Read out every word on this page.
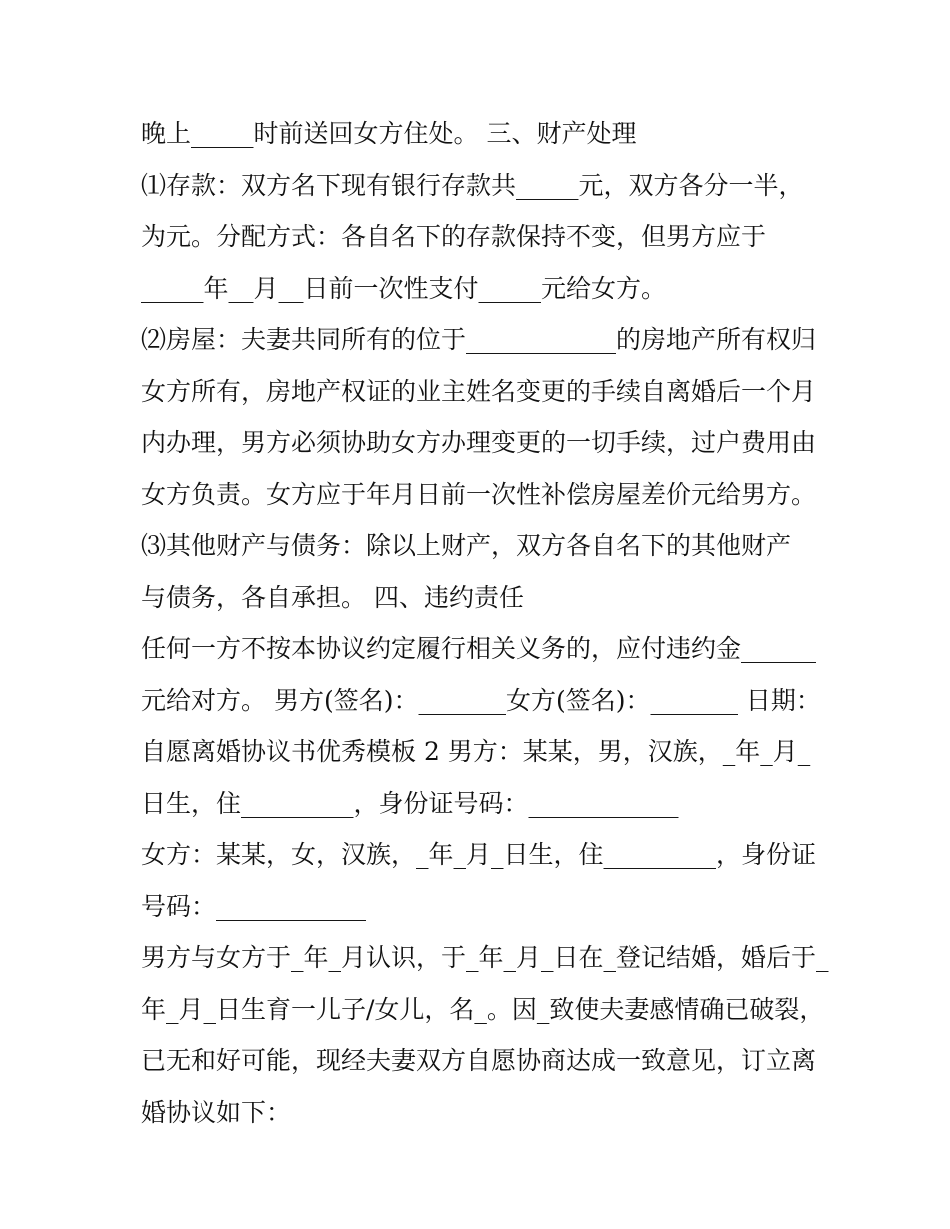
晚上_____时前送回女方住处。 三、财产处理
⑴存款：双方名下现有银行存款共_____元，双方各分一半，
为元。分配方式：各自名下的存款保持不变，但男方应于
_____年__月__日前一次性支付_____元给女方。
⑵房屋：夫妻共同所有的位于____________的房地产所有权归
女方所有，房地产权证的业主姓名变更的手续自离婚后一个月
内办理，男方必须协助女方办理变更的一切手续，过户费用由
女方负责。女方应于年月日前一次性补偿房屋差价元给男方。
⑶其他财产与债务：除以上财产，双方各自名下的其他财产
与债务，各自承担。 四、违约责任
任何一方不按本协议约定履行相关义务的，应付违约金______
元给对方。 男方(签名)：_______女方(签名)：_______ 日期：
自愿离婚协议书优秀模板 2 男方：某某，男，汉族，_年_月_
日生，住_________，身份证号码：____________
女方：某某，女，汉族，_年_月_日生，住_________，身份证
号码：____________
男方与女方于_年_月认识，于_年_月_日在_登记结婚，婚后于_
年_月_日生育一儿子/女儿，名_。因_致使夫妻感情确已破裂，
已无和好可能，现经夫妻双方自愿协商达成一致意见，订立离
婚协议如下：
